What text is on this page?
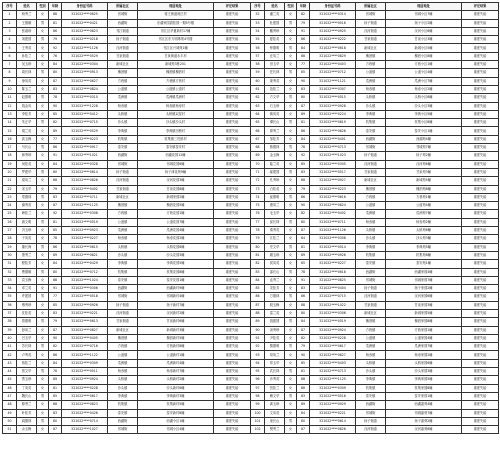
序号	姓名	性别	年龄	身份证号码	所属社区	现居地址	评定结果	序号	姓名	性别	年龄	身份证号码	所属社区	现居地址	评定结果
1	杨秀兰	女	88	321022****0625	邗城街	蒋王街道蒋庄村	重度失能	52	潘兰英	女	82	321022****0314	邗城街	邗城小区7幢	重度失能
2	王德顺	男	81	321022****0421	西湖街	东湖家园碧桂园一期5号楼	重度失能	53	杜建国	男	79	321022****0516	扬子街道	扬子小区2幢	重度失能
3	张淑珍	女	86	321022****0823	邗江街道	邗江区华夏新村17幢	重度失能	54	戴秀珍	女	91	321022****0925	汊河街道	汊河小区6幢	重度失能
4	刘建国	男	79	321022****0218	扬子街道	邗江区东方明珠苑4号楼	重度失能	55	夏桂英	女	86	321022****0222	甘泉街道	甘泉小区3幢	重度失能
5	王秀英	女	92	321022****1126	汊河街道	邗江区兴城苑1幢	重度失能	56	钟德明	男	84	321022****0618	新城社区	新城小区5幢	重度失能
6	孙桂兰	女	76	321022****0529	甘泉街道	甘泉街道永丰村	重度失能	57	汪凤兰	女	88	321022****0829	槐泗镇	槐泗小区8幢	重度失能
7	吴玉珍	女	84	321022****0304	新城社区	新城苑3栋201	重度失能	58	田玉华	女	77	321022****0403	方巷镇	方巷小区1幢	重度失能
8	周长林	男	80	321022****0913	槐泗镇	槐泗镇槐泗村	重度失能	59	任长林	男	85	321022****0712	公道镇	公道小区4幢	重度失能
9	徐凤英	女	87	321022****0627	方巷镇	方巷镇方巷村	重度失能	60	姜秀英	女	90	321022****1121	瓜洲镇	瓜洲小区7幢	重度失能
10	陈玉兰	女	83	321022****0824	公道镇	公道镇公道村	重度失能	61	范桂兰	女	83	321022****0307	杨寿镇	杨寿小区2幢	重度失能
11	赵德明	男	78	321022****0310	瓜洲镇	瓜洲镇瓜洲村	重度失能	62	方文华	男	80	321022****0515	头桥镇	头桥小区6幢	重度失能
12	钱金凤	女	90	321022****1228	杨寿镇	杨寿镇杨寿村	重度失能	63	石玉珍	女	87	321022****0928	沙头镇	沙头小区3幢	重度失能
13	李桂芳	女	85	321022****0412	头桥镇	头桥镇双星村	重度失能	64	姚凤英	女	89	321022****0224	李典镇	李典小区5幢	重度失能
14	朱正华	男	82	321022****0715	沙头镇	沙头镇沙头村	重度失能	65	谭长山	男	81	321022****0619	杭集镇	杭集小区8幢	重度失能
15	胡兰英	女	89	321022****0529	李典镇	李典镇田桥村	重度失能	66	廖秀兰	女	86	321022****0826	泰安镇	泰安小区1幢	重度失能
16	高玉梅	女	77	321022****0223	杭集镇	杭集镇三笆桥村	重度失能	67	邹桂芳	女	84	321022****0401	西湖街	西湖苑4幢	重度失能
17	马长山	男	86	321022****0917	泰安镇	泰安镇泰安村	重度失能	68	熊德林	男	78	321022****0713	邗城街	邗城苑7幢	重度失能
18	林秀珍	女	91	321022****1021	西湖街	西湖花园12幢	重度失能	69	金玉梅	女	92	321022****1023	扬子街道	扬子苑2幢	重度失能
19	何桂英	女	84	321022****0328	邗城街	邗城花园6幢	重度失能	70	陆兰英	女	85	321022****0305	汊河街道	汊河苑6幢	重度失能
20	罗建华	男	80	321022****0614	扬子街道	扬子津花苑9幢	重度失能	71	郝建国	男	83	321022****0517	甘泉街道	甘泉苑3幢	重度失能
21	梁凤兰	女	88	321022****0826	汊河街道	汊河花园3幢	重度失能	72	孔秀珍	女	88	321022****0927	新城社区	新城苑5幢	重度失能
22	宋玉华	女	79	321022****0402	甘泉街道	甘泉花园8幢	重度失能	73	白桂英	女	79	321022****0223	槐泗镇	槐泗苑8幢	重度失能
23	郑德林	男	83	321022****0711	新城社区	新城家园2幢	重度失能	74	崔德明	男	86	321022****0616	方巷镇	方巷苑1幢	重度失能
24	谢秀英	女	87	321022****1125	槐泗镇	槐泗花园5幢	重度失能	75	康凤兰	女	90	321022****0824	公道镇	公道苑4幢	重度失能
25	韩桂兰	女	92	321022****0308	方巷镇	方巷花园1幢	重度失能	76	毛玉华	女	82	321022****0402	瓜洲镇	瓜洲苑7幢	重度失能
26	唐文明	男	81	321022****0519	公道镇	公道花园7幢	重度失能	77	邱长林	男	80	321022****0711	杨寿镇	杨寿苑2幢	重度失能
27	冯玉珍	女	85	321022****0923	瓜洲镇	瓜洲花园4幢	重度失能	78	秦秀英	女	87	321022****1126	头桥镇	头桥苑6幢	重度失能
28	于凤英	女	78	321022****0227	杨寿镇	杨寿花园2幢	重度失能	79	江桂兰	女	84	321022****0308	沙头镇	沙头苑3幢	重度失能
29	董长海	男	86	321022****0615	头桥镇	头桥花园6幢	重度失能	80	史文华	男	81	321022****0514	李典镇	李典苑5幢	重度失能
30	萧秀兰	女	89	321022****0821	沙头镇	沙头花园3幢	重度失能	81	顾玉珍	女	89	321022****0926	杭集镇	杭集苑8幢	重度失能
31	程桂芳	女	84	321022****0429	李典镇	李典花园5幢	重度失能	82	侯凤英	女	85	321022****0227	泰安镇	泰安苑1幢	重度失能
32	曹德顺	男	80	321022****0712	杭集镇	杭集花园8幢	重度失能	83	邵长山	男	78	321022****0618	西湖街	西湖家园4幢	重度失能
33	袁玉梅	女	88	321022****1024	泰安镇	泰安花园1幢	重度失能	84	孟秀兰	女	91	321022****0825	邗城街	邗城家园7幢	重度失能
34	邓兰英	女	91	321022****0306	西湖街	西湖新村9幢	重度失能	85	龙桂芳	女	83	321022****0404	扬子街道	扬子家园2幢	重度失能
35	许建国	男	77	321022****0518	邗城街	邗城新村4幢	重度失能	86	万德林	男	86	321022****0715	汊河街道	汊河家园6幢	重度失能
36	傅秀珍	女	85	321022****0926	扬子街道	扬子新村7幢	重度失能	87	段玉梅	女	88	321022****1022	甘泉街道	甘泉家园3幢	重度失能
37	沈桂英	女	83	321022****0221	汊河街道	汊河新村2幢	重度失能	88	雷兰英	女	80	321022****0306	新城社区	新城家园5幢	重度失能
38	曾德明	男	79	321022****0613	甘泉街道	甘泉新村6幢	重度失能	89	钱建国	男	84	321022****0519	槐泗镇	槐泗家园8幢	重度失能
39	彭凤兰	女	87	321022****0827	新城社区	新城新村3幢	重度失能	90	汤秀珍	女	87	321022****0924	方巷镇	方巷家园1幢	重度失能
40	吕玉华	女	90	321022****0405	槐泗镇	槐泗新村5幢	重度失能	91	尹桂英	女	82	321022****0228	公道镇	公道家园4幢	重度失能
41	苏长林	男	82	321022****0716	方巷镇	方巷新村8幢	重度失能	92	黎德明	男	79	321022****0617	瓜洲镇	瓜洲家园7幢	重度失能
42	卢秀英	女	86	321022****1122	公道镇	公道新村1幢	重度失能	93	易凤兰	女	90	321022****0827	杨寿镇	杨寿家园2幢	重度失能
43	蒋桂兰	女	84	321022****0309	瓜洲镇	瓜洲新村4幢	重度失能	94	常玉华	女	85	321022****0403	头桥镇	头桥家园6幢	重度失能
44	蔡文华	男	78	321022****0511	杨寿镇	杨寿新村7幢	重度失能	95	武长林	男	81	321022****0713	沙头镇	沙头家园3幢	重度失能
45	贾玉珍	女	89	321022****0924	头桥镇	头桥新村2幢	重度失能	96	乔秀英	女	88	321022****1125	李典镇	李典家园5幢	重度失能
46	丁凤英	女	81	321022****0228	沙头镇	沙头新村6幢	重度失能	97	贺桂兰	女	86	321022****0309	杭集镇	杭集家园8幢	重度失能
47	魏长山	男	85	321022****0617	李典镇	李典新村3幢	重度失能	98	赖文华	男	83	321022****0516	泰安镇	泰安家园1幢	重度失能
48	薛秀兰	女	88	321022****0823	杭集镇	杭集新村5幢	重度失能	99	龚玉珍	女	89	321022****0929	西湖街	西湖嘉苑4幢	重度失能
49	叶桂芳	女	83	321022****0426	泰安镇	泰安新村8幢	重度失能	100	文凤英	女	84	321022****0221	邗城街	邗城嘉苑7幢	重度失能
50	阎德林	男	80	321022****0714	西湖街	西湖小区1幢	重度失能	101	庞长山	男	80	321022****0614	扬子街道	扬子嘉苑2幢	重度失能
51	余玉梅	女	87	321022****1027	邗城街	邗城小区4幢	重度失能	102	樊秀兰	女	87	321022****0826	汊河街道	汊河嘉苑6幢	重度失能
